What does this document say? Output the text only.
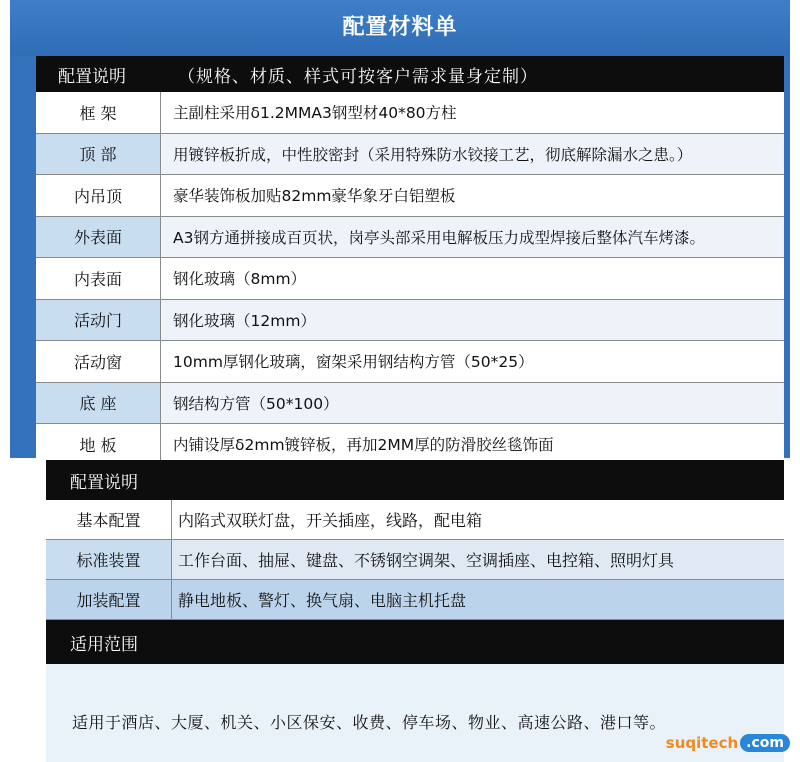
配置材料单
配置说明	（规格、材质、样式可按客户需求量身定制）
框 架	主副柱采用δ1.2MMA3钢型材40*80方柱
顶 部	用镀锌板折成，中性胶密封（采用特殊防水铰接工艺，彻底解除漏水之患。）
内吊顶	豪华装饰板加贴82mm豪华象牙白铝塑板
外表面	A3钢方通拼接成百页状，岗亭头部采用电解板压力成型焊接后整体汽车烤漆。
内表面	钢化玻璃（8mm）
活动门	钢化玻璃（12mm）
活动窗	10mm厚钢化玻璃，窗架采用钢结构方管（50*25）
底 座	钢结构方管（50*100）
地 板	内铺设厚δ2mm镀锌板，再加2MM厚的防滑胶丝毯饰面
配置说明
基本配置	内陷式双联灯盘，开关插座，线路，配电箱
标准装置	工作台面、抽屉、键盘、不锈钢空调架、空调插座、电控箱、照明灯具
加装配置	静电地板、警灯、换气扇、电脑主机托盘
适用范围
适用于酒店、大厦、机关、小区保安、收费、停车场、物业、高速公路、港口等。
suqitech .com
